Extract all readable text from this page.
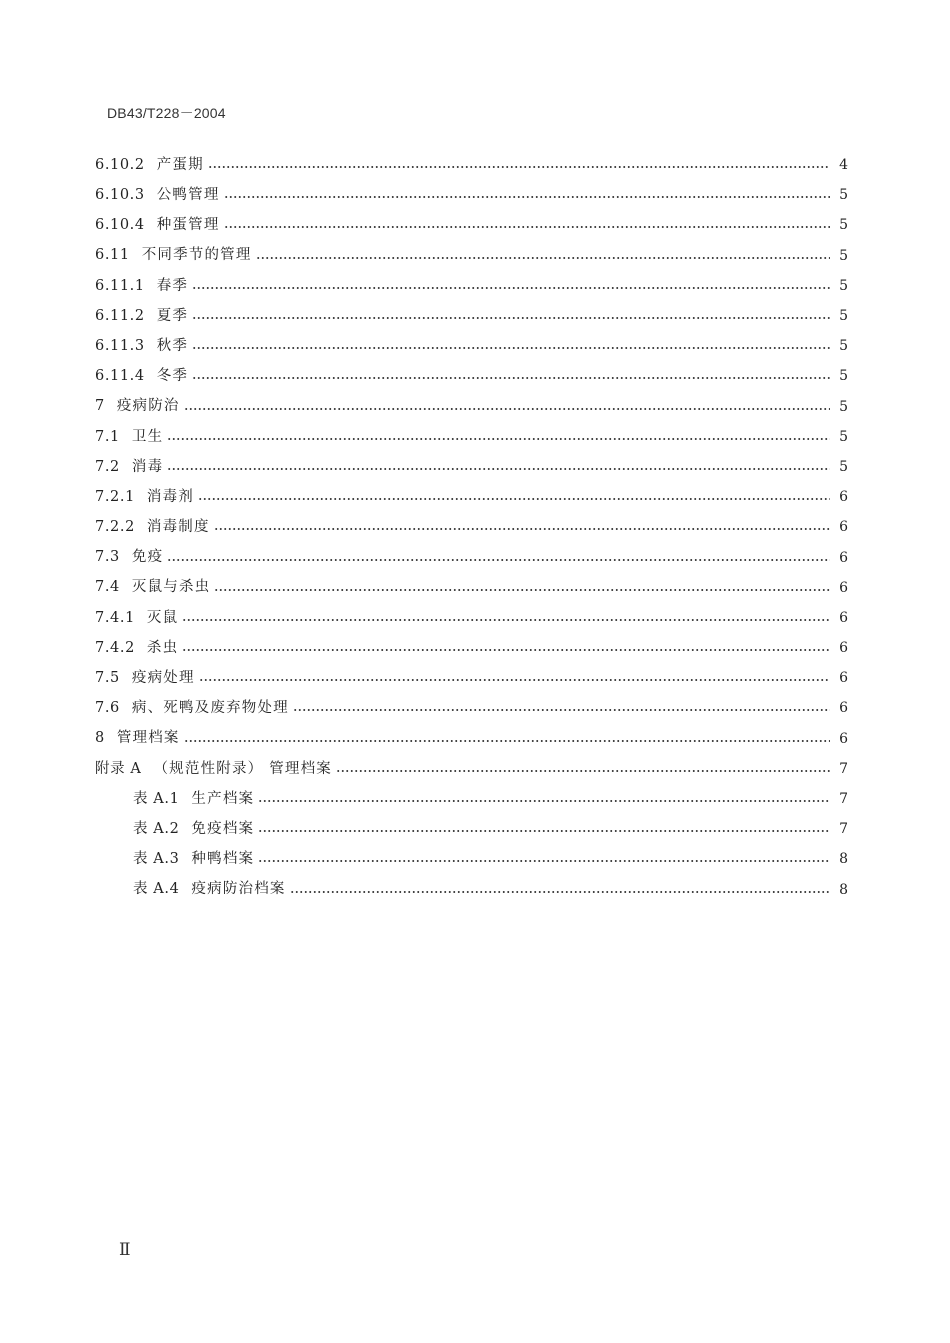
DB43/T228－2004
6.10.2 产蛋期	4
6.10.3 公鸭管理	5
6.10.4 种蛋管理	5
6.11 不同季节的管理	5
6.11.1 春季	5
6.11.2 夏季	5
6.11.3 秋季	5
6.11.4 冬季	5
7 疫病防治	5
7.1 卫生	5
7.2 消毒	5
7.2.1 消毒剂	6
7.2.2 消毒制度	6
7.3 免疫	6
7.4 灭鼠与杀虫	6
7.4.1 灭鼠	6
7.4.2 杀虫	6
7.5 疫病处理	6
7.6 病、死鸭及废弃物处理	6
8 管理档案	6
附录 A （规范性附录） 管理档案	7
表 A.1 生产档案	7
表 A.2 免疫档案	7
表 A.3 种鸭档案	8
表 A.4 疫病防治档案	8
Ⅱ
